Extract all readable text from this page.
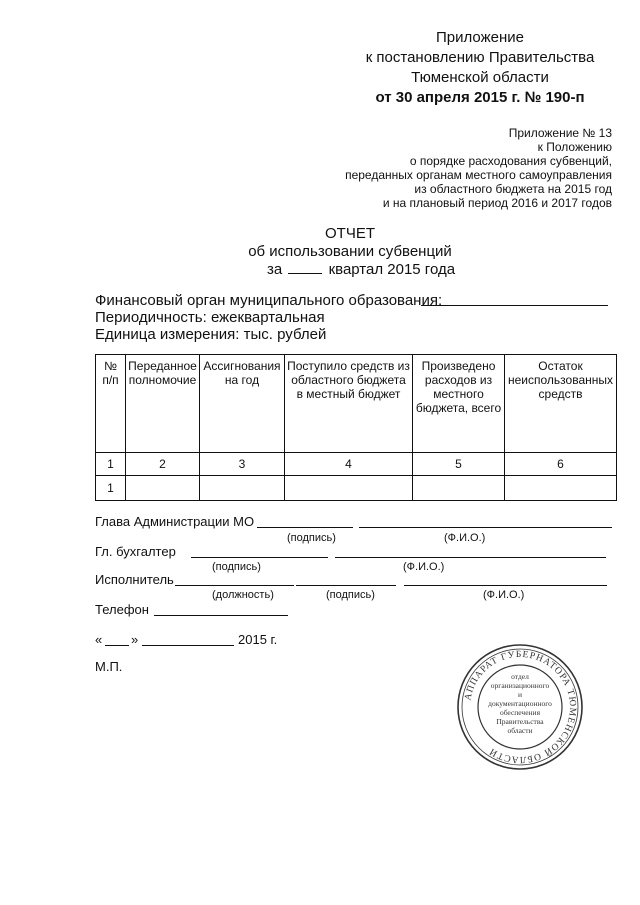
Приложение
к постановлению Правительства
Тюменской области
от 30 апреля 2015 г. № 190-п
Приложение № 13
к Положению
о порядке расходования субвенций,
переданных органам местного самоуправления
из областного бюджета на 2015 год
и на плановый период 2016 и 2017 годов
ОТЧЕТ
об использовании субвенций
за	квартал 2015 года
Финансовый орган муниципального образования:
Периодичность: ежеквартальная
Единица измерения: тыс. рублей
№ п/п	Переданное полномочие	Ассигнования на год	Поступило средств из областного бюджета в местный бюджет	Произведено расходов из местного бюджета, всего	Остаток неиспользованных средств
1	2	3	4	5	6
1					
Глава Администрации МО
(подпись)	(Ф.И.О.)
Гл. бухгалтер
(подпись)	(Ф.И.О.)
Исполнитель
(должность)	(подпись)	(Ф.И.О.)
Телефон
« »	2015 г.
М.П.
АППАРАТ ГУБЕРНАТОРА ТЮМЕНСКОЙ ОБЛАСТИ
отдел
организационного
и
документационного
обеспечения
Правительства
области
